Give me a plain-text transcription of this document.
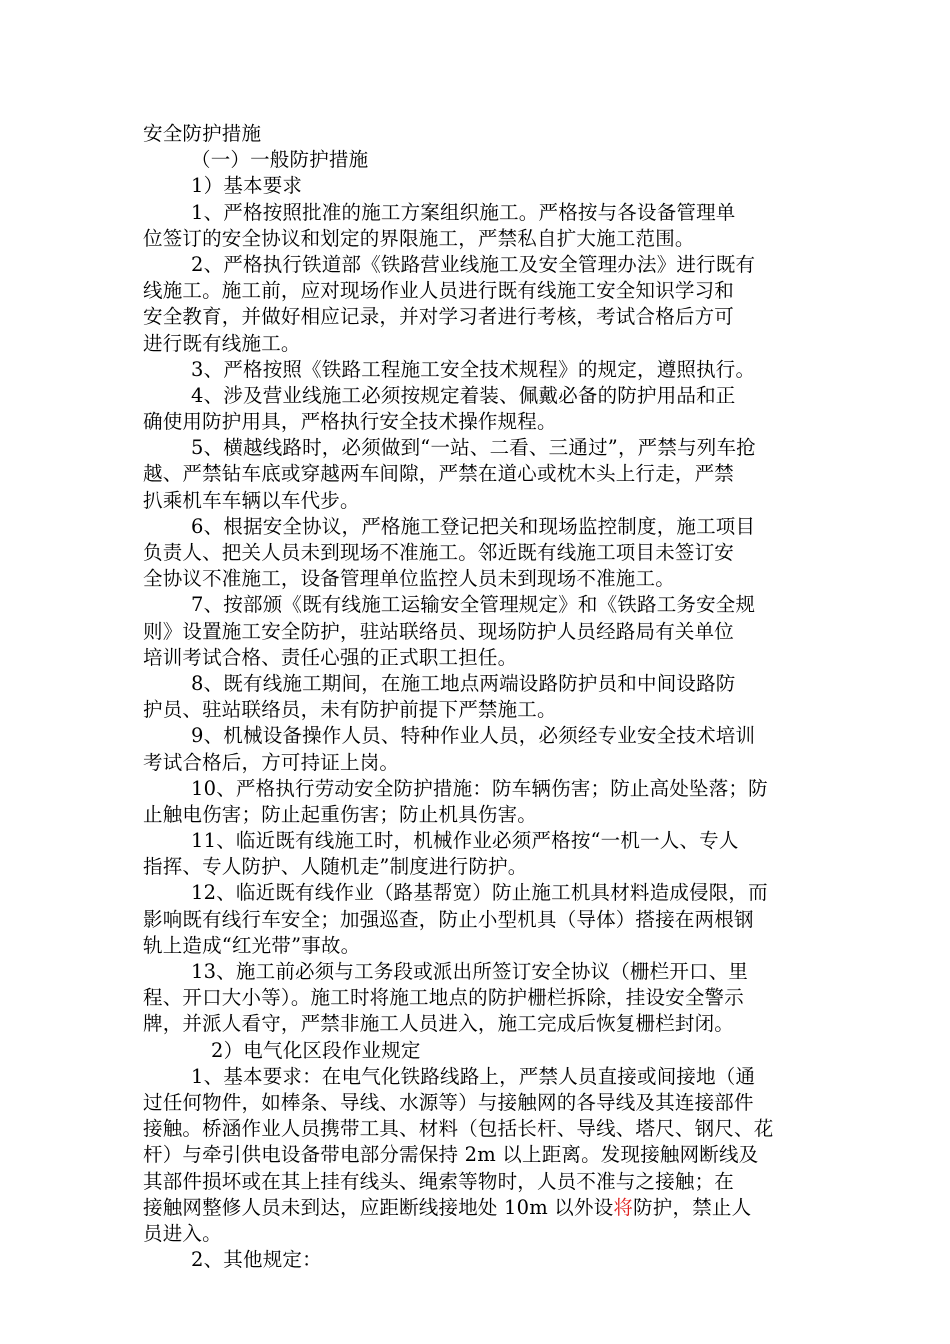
安全防护措施
（一）一般防护措施
1）基本要求
1、严格按照批准的施工方案组织施工。严格按与各设备管理单
位签订的安全协议和划定的界限施工，严禁私自扩大施工范围。
2、严格执行铁道部《铁路营业线施工及安全管理办法》进行既有
线施工。施工前，应对现场作业人员进行既有线施工安全知识学习和
安全教育，并做好相应记录，并对学习者进行考核，考试合格后方可
进行既有线施工。
3、严格按照《铁路工程施工安全技术规程》的规定，遵照执行。
4、涉及营业线施工必须按规定着装、佩戴必备的防护用品和正
确使用防护用具，严格执行安全技术操作规程。
5、横越线路时，必须做到“一站、二看、三通过”，严禁与列车抢
越、严禁钻车底或穿越两车间隙，严禁在道心或枕木头上行走，严禁
扒乘机车车辆以车代步。
6、根据安全协议，严格施工登记把关和现场监控制度，施工项目
负责人、把关人员未到现场不准施工。邻近既有线施工项目未签订安
全协议不准施工，设备管理单位监控人员未到现场不准施工。
7、按部颁《既有线施工运输安全管理规定》和《铁路工务安全规
则》设置施工安全防护，驻站联络员、现场防护人员经路局有关单位
培训考试合格、责任心强的正式职工担任。
8、既有线施工期间，在施工地点两端设路防护员和中间设路防
护员、驻站联络员，未有防护前提下严禁施工。
9、机械设备操作人员、特种作业人员，必须经专业安全技术培训
考试合格后，方可持证上岗。
10、严格执行劳动安全防护措施：防车辆伤害；防止高处坠落；防
止触电伤害；防止起重伤害；防止机具伤害。
11、临近既有线施工时，机械作业必须严格按“一机一人、专人
指挥、专人防护、人随机走”制度进行防护。
12、临近既有线作业（路基帮宽）防止施工机具材料造成侵限，而
影响既有线行车安全；加强巡查，防止小型机具（导体）搭接在两根钢
轨上造成“红光带”事故。
13、施工前必须与工务段或派出所签订安全协议（栅栏开口、里
程、开口大小等）。施工时将施工地点的防护栅栏拆除，挂设安全警示
牌，并派人看守，严禁非施工人员进入，施工完成后恢复栅栏封闭。
2）电气化区段作业规定
1、基本要求：在电气化铁路线路上，严禁人员直接或间接地（通
过任何物件，如棒条、导线、水源等）与接触网的各导线及其连接部件
接触。桥涵作业人员携带工具、材料（包括长杆、导线、塔尺、钢尺、花
杆）与牵引供电设备带电部分需保持 2m 以上距离。发现接触网断线及
其部件损坏或在其上挂有线头、绳索等物时，人员不准与之接触；在
接触网整修人员未到达，应距断线接地处 10m 以外设将防护，禁止人
员进入。
2、其他规定：
